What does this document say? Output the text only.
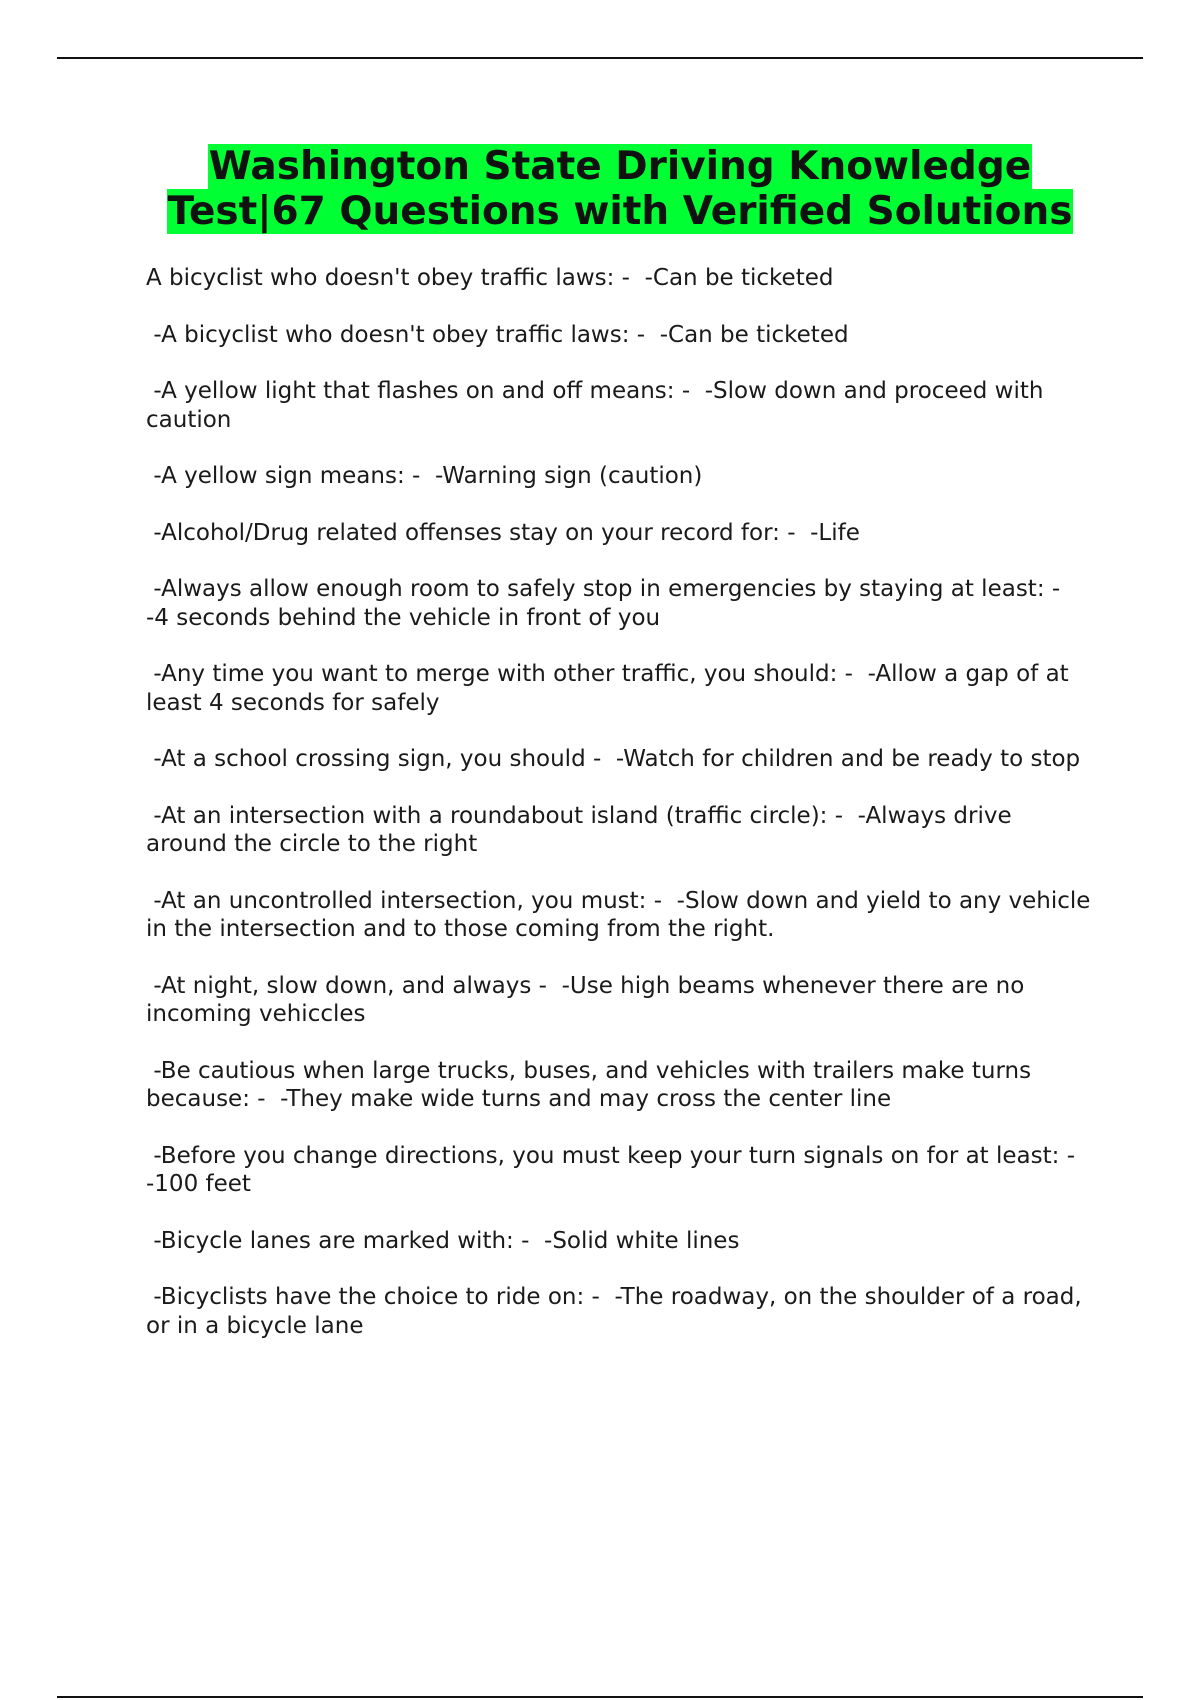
Washington State Driving Knowledge
Test|67 Questions with Verified Solutions

A bicyclist who doesn't obey traffic laws: -  -Can be ticketed

-A bicyclist who doesn't obey traffic laws: -  -Can be ticketed

-A yellow light that flashes on and off means: -  -Slow down and proceed with caution

-A yellow sign means: -  -Warning sign (caution)

-Alcohol/Drug related offenses stay on your record for: -  -Life

-Always allow enough room to safely stop in emergencies by staying at least: -  -4 seconds behind the vehicle in front of you

-Any time you want to merge with other traffic, you should: -  -Allow a gap of at least 4 seconds for safely

-At a school crossing sign, you should -  -Watch for children and be ready to stop

-At an intersection with a roundabout island (traffic circle): -  -Always drive around the circle to the right

-At an uncontrolled intersection, you must: -  -Slow down and yield to any vehicle in the intersection and to those coming from the right.

-At night, slow down, and always -  -Use high beams whenever there are no incoming vehiccles

-Be cautious when large trucks, buses, and vehicles with trailers make turns because: -  -They make wide turns and may cross the center line

-Before you change directions, you must keep your turn signals on for at least: -  -100 feet

-Bicycle lanes are marked with: -  -Solid white lines

-Bicyclists have the choice to ride on: -  -The roadway, on the shoulder of a road, or in a bicycle lane
